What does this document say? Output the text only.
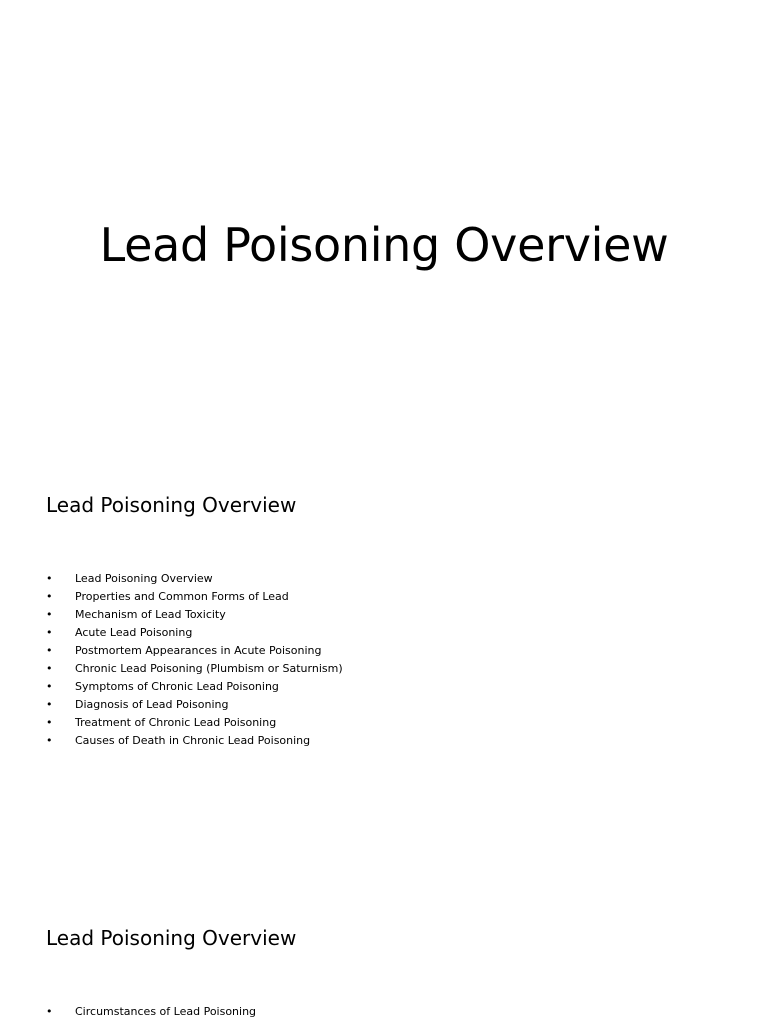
Lead Poisoning Overview
Lead Poisoning Overview
• Lead Poisoning Overview
• Properties and Common Forms of Lead
• Mechanism of Lead Toxicity
• Acute Lead Poisoning
• Postmortem Appearances in Acute Poisoning
• Chronic Lead Poisoning (Plumbism or Saturnism)
• Symptoms of Chronic Lead Poisoning
• Diagnosis of Lead Poisoning
• Treatment of Chronic Lead Poisoning
• Causes of Death in Chronic Lead Poisoning
Lead Poisoning Overview
• Circumstances of Lead Poisoning
